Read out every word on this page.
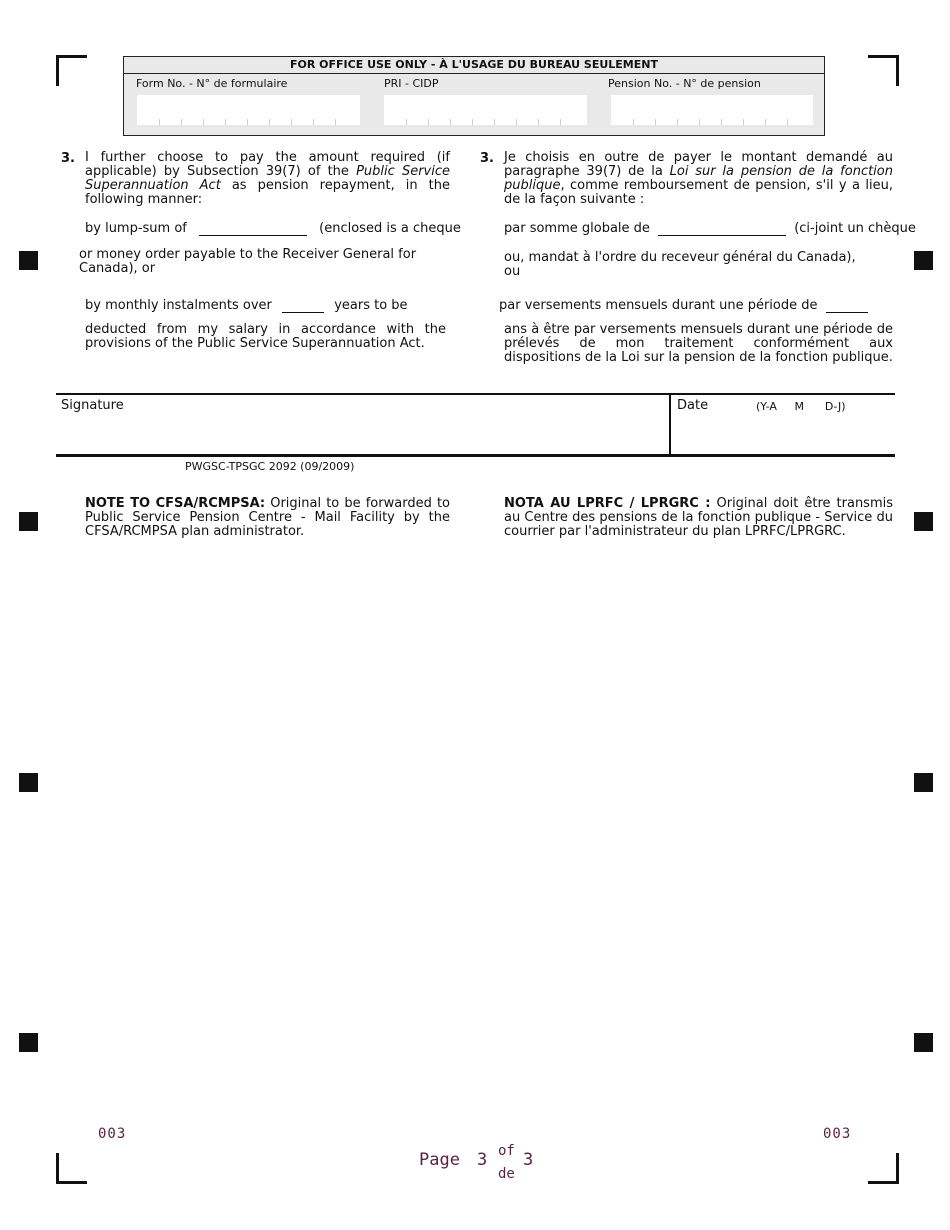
FOR OFFICE USE ONLY - À L'USAGE DU BUREAU SEULEMENT
Form No. - N° de formulaire	PRI - CIDP	Pension No. - N° de pension
3. I further choose to pay the amount required (if applicable) by Subsection 39(7) of the Public Service Superannuation Act as pension repayment, in the following manner:
by lump-sum of	(enclosed is a cheque
or money order payable to the Receiver General for Canada), or
by monthly instalments over	years to be
deducted from my salary in accordance with the provisions of the Public Service Superannuation Act.
3. Je choisis en outre de payer le montant demandé au paragraphe 39(7) de la Loi sur la pension de la fonction publique, comme remboursement de pension, s'il y a lieu, de la façon suivante :
par somme globale de	(ci-joint un chèque
ou, mandat à l'ordre du receveur général du Canada), ou
par versements mensuels durant une période de
ans à être par versements mensuels durant une période de prélevés de mon traitement conformément aux dispositions de la Loi sur la pension de la fonction publique.
Signature	Date	(Y-A     M      D-J)
PWGSC-TPSGC 2092 (09/2009)
NOTE TO CFSA/RCMPSA: Original to be forwarded to Public Service Pension Centre - Mail Facility by the CFSA/RCMPSA plan administrator.
NOTA AU LPRFC / LPRGRC : Original doit être transmis au Centre des pensions de la fonction publique - Service du courrier par l'administrateur du plan LPRFC/LPRGRC.
003	003
Page 3 of
de
3
